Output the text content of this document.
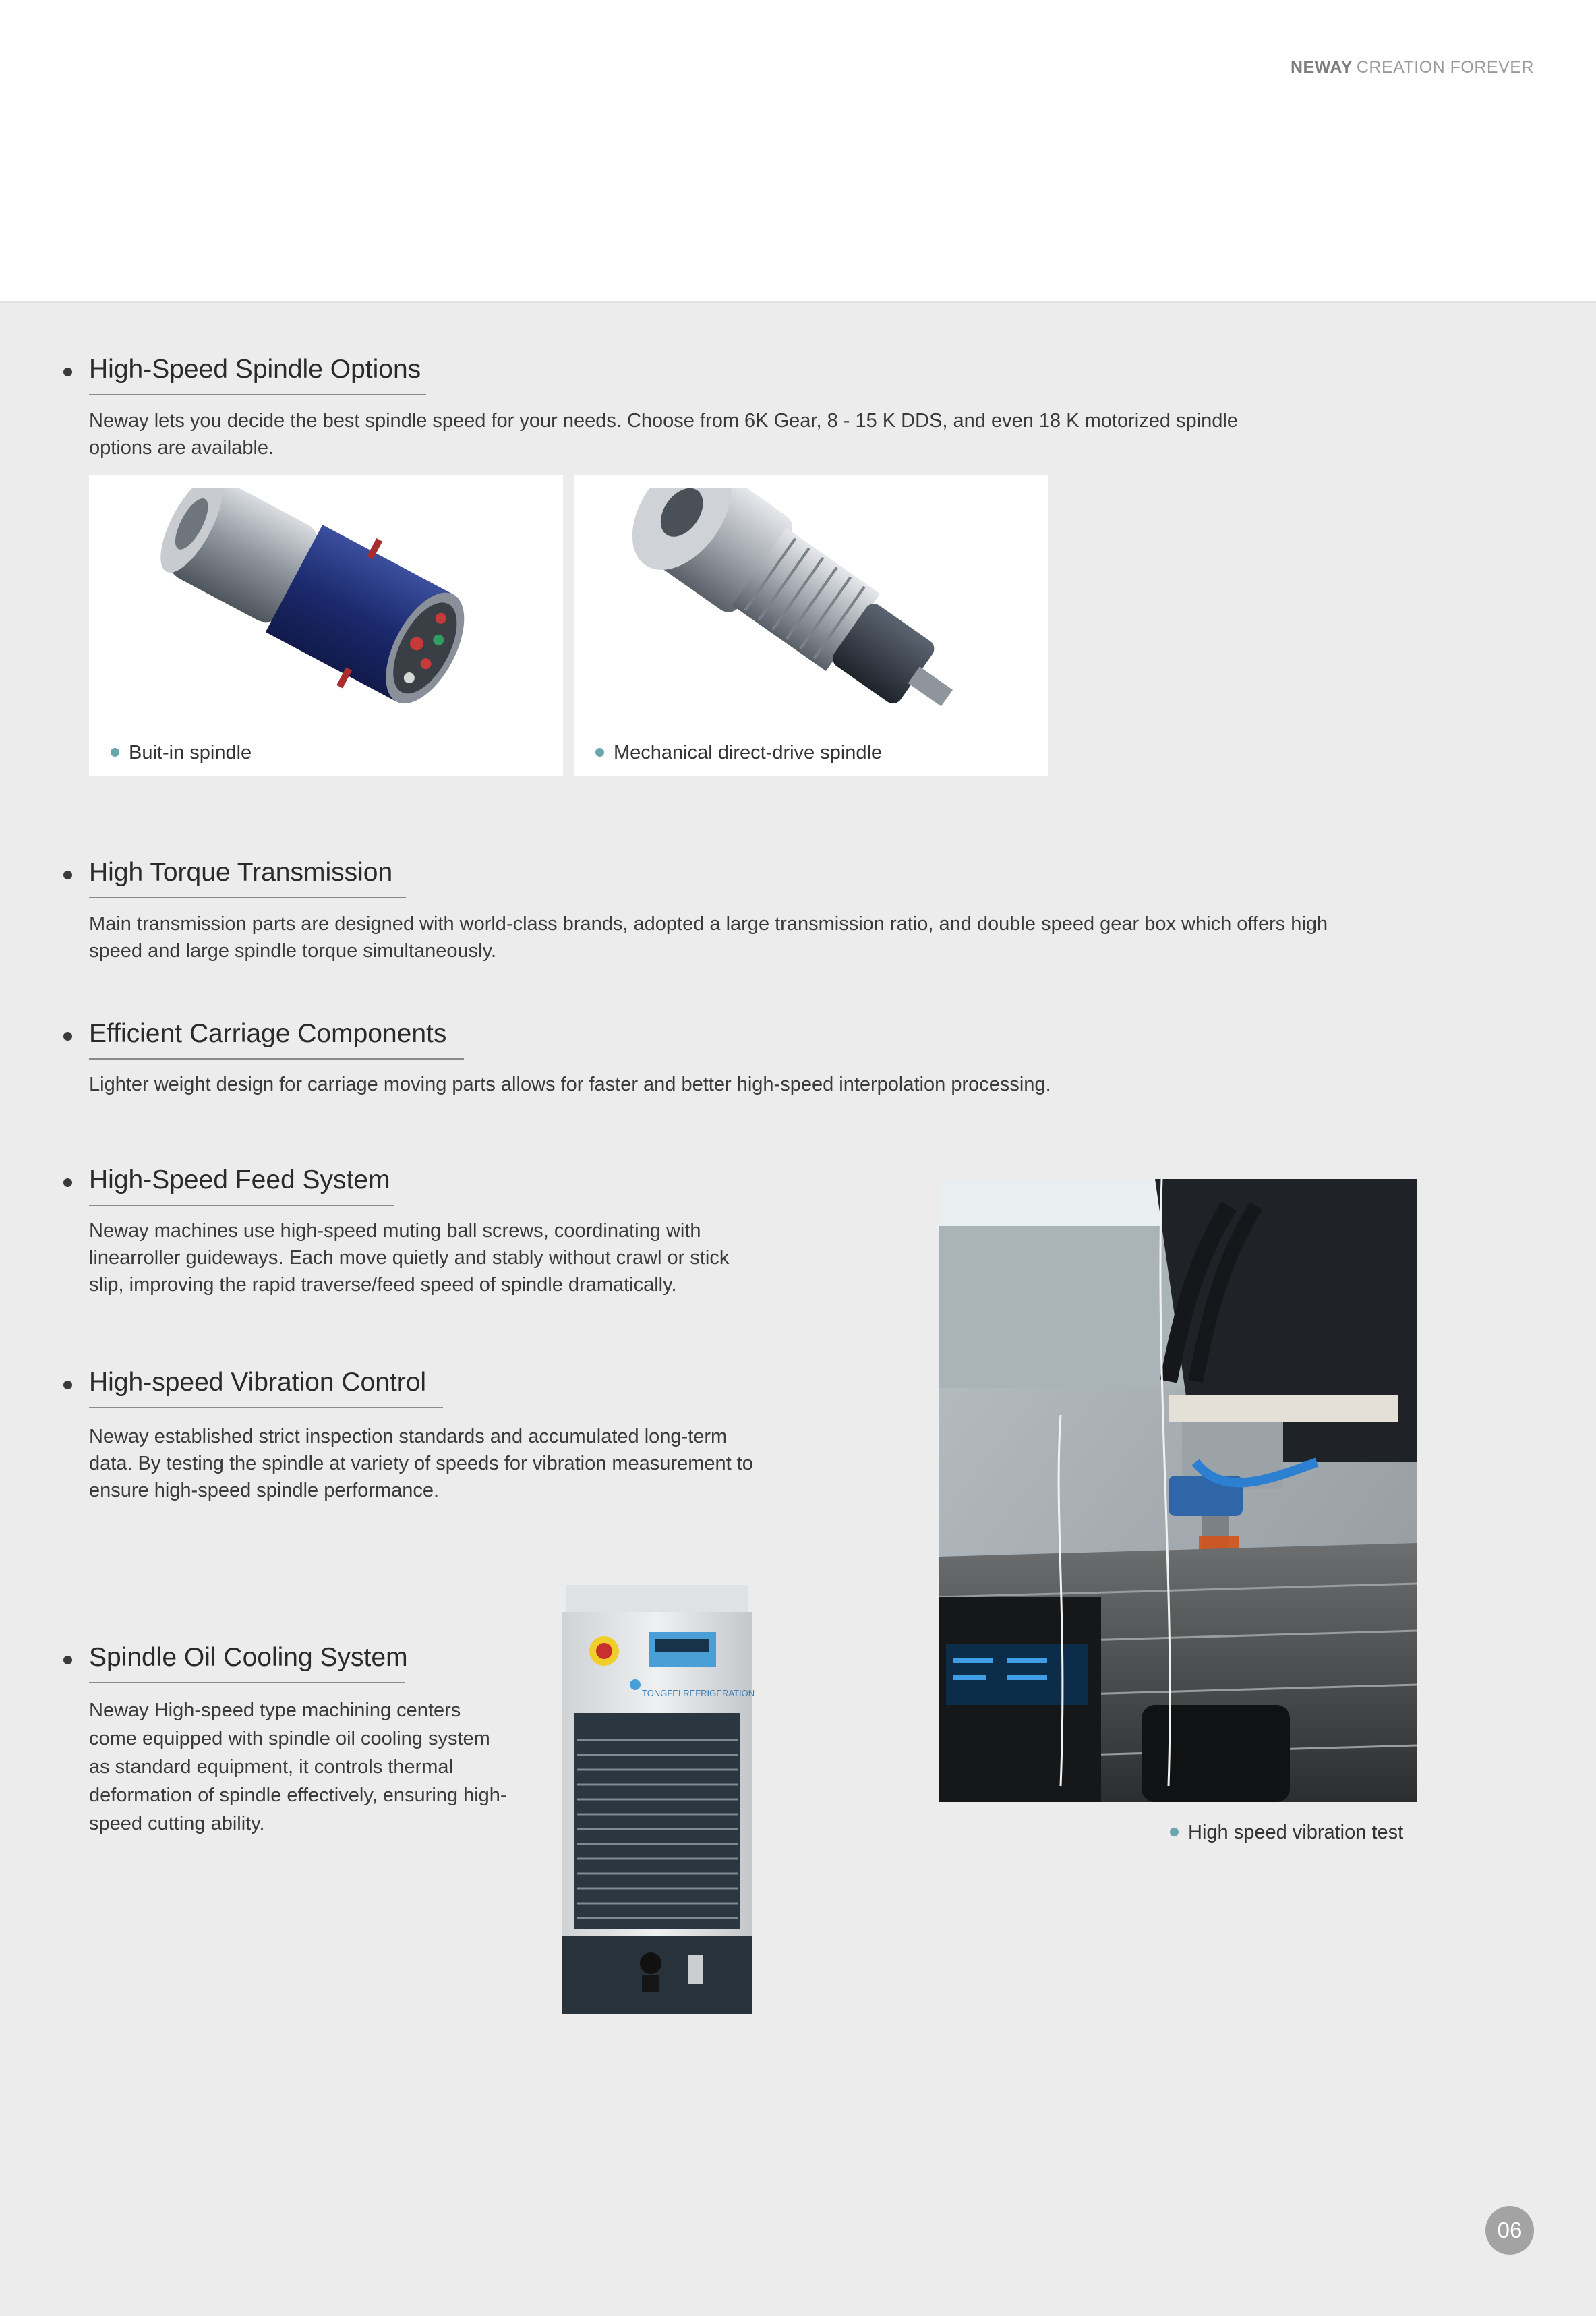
NEWAY CREATION FOREVER
High-Speed Spindle Options
Neway lets you decide the best spindle speed for your needs. Choose from 6K Gear, 8 - 15 K DDS, and even 18 K motorized spindle options are available.
Buit-in spindle	Mechanical direct-drive spindle
High Torque Transmission
Main transmission parts are designed with world-class brands, adopted a large transmission ratio, and double speed gear box which offers high speed and large spindle torque simultaneously.
Efficient Carriage Components
Lighter weight design for carriage moving parts allows for faster and better high-speed interpolation processing.
High-Speed Feed System
Neway machines use high-speed muting ball screws, coordinating with linearroller guideways. Each move quietly and stably without crawl or stick slip, improving the rapid traverse/feed speed of spindle dramatically.
High-speed Vibration Control
Neway established strict inspection standards and accumulated long-term data. By testing the spindle at variety of speeds for vibration measurement to ensure high-speed spindle performance.
High speed vibration test
Spindle Oil Cooling System
Neway High-speed type machining centers come equipped with spindle oil cooling system as standard equipment, it controls thermal deformation of spindle effectively, ensuring high-speed cutting ability.
TONGFEI REFRIGERATION
06
